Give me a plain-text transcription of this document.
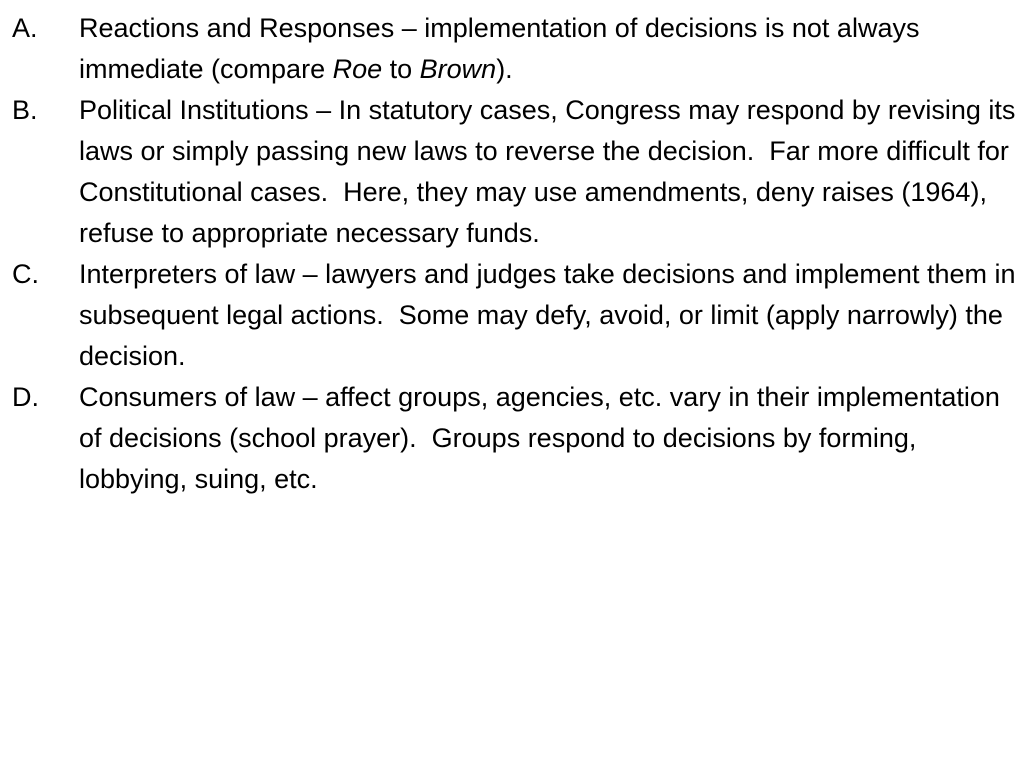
A.	Reactions and Responses – implementation of decisions is not always immediate (compare Roe to Brown).
B.	Political Institutions – In statutory cases, Congress may respond by revising its laws or simply passing new laws to reverse the decision.  Far more difficult for Constitutional cases.  Here, they may use amendments, deny raises (1964), refuse to appropriate necessary funds.
C.	Interpreters of law – lawyers and judges take decisions and implement them in subsequent legal actions.  Some may defy, avoid, or limit (apply narrowly) the decision.
D.	Consumers of law – affect groups, agencies, etc. vary in their implementation of decisions (school prayer).  Groups respond to decisions by forming, lobbying, suing, etc.
